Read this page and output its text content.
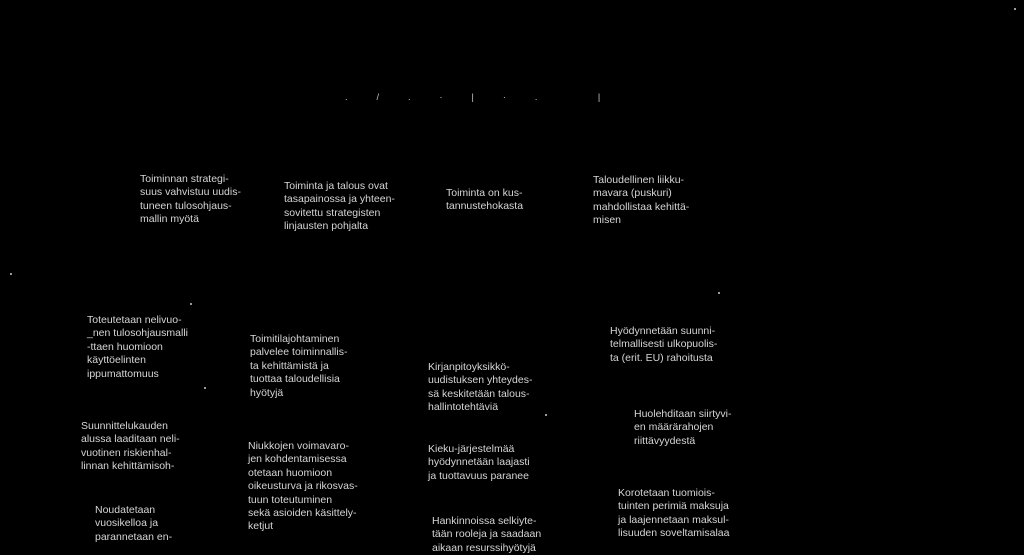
.  /  .  ·  |  ·  .     |

Toiminnan strategi-
suus vahvistuu uudis-
tuneen tulosohjaus-
mallin myötä

Toiminta ja talous ovat
tasapainossa ja yhteen-
sovitettu strategisten
linjausten pohjalta

Toiminta on kus-
tannustehokasta

Taloudellinen liikku-
mavara (puskuri)
mahdollistaa kehittä-
misen

Toteutetaan nelivuo-
_nen tulosohjausmalli
-ttaen huomioon
käyttöelinten
ippumattomuus

Suunnittelukauden
alussa laaditaan neli-
vuotinen riskienhal-
linnan kehittämisoh-

Noudatetaan
vuosikelloa ja
parannetaan en-

Toimitilajohtaminen
palvelee toiminnallis-
ta kehittämistä ja
tuottaa taloudellisia
hyötyjä

Niukkojen voimavaro-
jen kohdentamisessa
otetaan huomioon
oikeusturva ja rikosvas-
tuun toteutuminen
sekä asioiden käsittely-
ketjut

Kirjanpitoyksikkö-
uudistuksen yhteydes-
sä keskitetään talous-
hallintotehtäviä

Kieku-järjestelmää
hyödynnetään laajasti
ja tuottavuus paranee

Hankinnoissa selkiyte-
tään rooleja ja saadaan
aikaan resurssihyötyjä

Hyödynnetään suunni-
telmallisesti ulkopuolis-
ta (erit. EU) rahoitusta

Huolehditaan siirtyvi-
en määrärahojen
riittävyydestä

Korotetaan tuomiois-
tuinten perimiä maksuja
ja laajennetaan maksul-
lisuuden soveltamisalaa
